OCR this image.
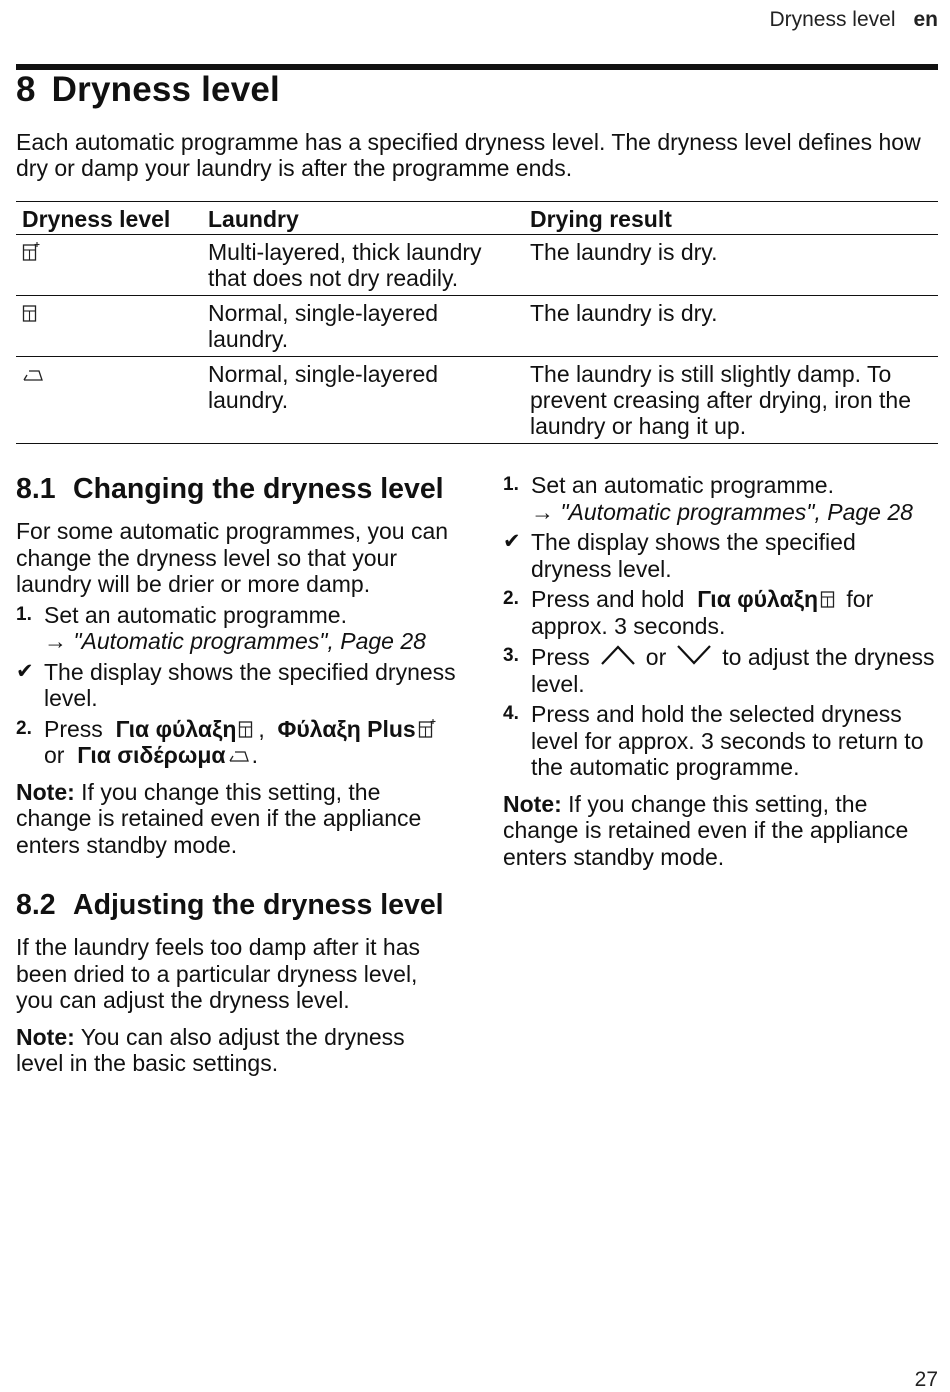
Dryness level en
8 Dryness level

Each automatic programme has a specified dryness level. The dryness level defines how dry or damp your laundry is after the programme ends.

Dryness level	Laundry	Drying result
	Multi-layered, thick laundry that does not dry readily.	The laundry is dry.
	Normal, single-layered laundry.	The laundry is dry.
	Normal, single-layered laundry.	The laundry is still slightly damp. To prevent creasing after drying, iron the laundry or hang it up.
8.1 Changing the dryness level

For some automatic programmes, you can change the dryness level so that your laundry will be drier or more damp.

1. Set an automatic programme.
→ "Automatic programmes", Page 28
✔ The display shows the specified dryness level.
2. Press Για φύλαξη , Φύλαξη Plus or Για σιδέρωμα .

Note: If you change this setting, the change is retained even if the appliance enters standby mode.

8.2 Adjusting the dryness level

If the laundry feels too damp after it has been dried to a particular dryness level, you can adjust the dryness level.

Note: You can also adjust the dryness level in the basic settings.

1. Set an automatic programme.
→ "Automatic programmes", Page 28
✔ The display shows the specified dryness level.
2. Press and hold Για φύλαξη for approx. 3 seconds.
3. Press or to adjust the dryness level.
4. Press and hold the selected dryness level for approx. 3 seconds to return to the automatic programme.

Note: If you change this setting, the change is retained even if the appliance enters standby mode.

27
